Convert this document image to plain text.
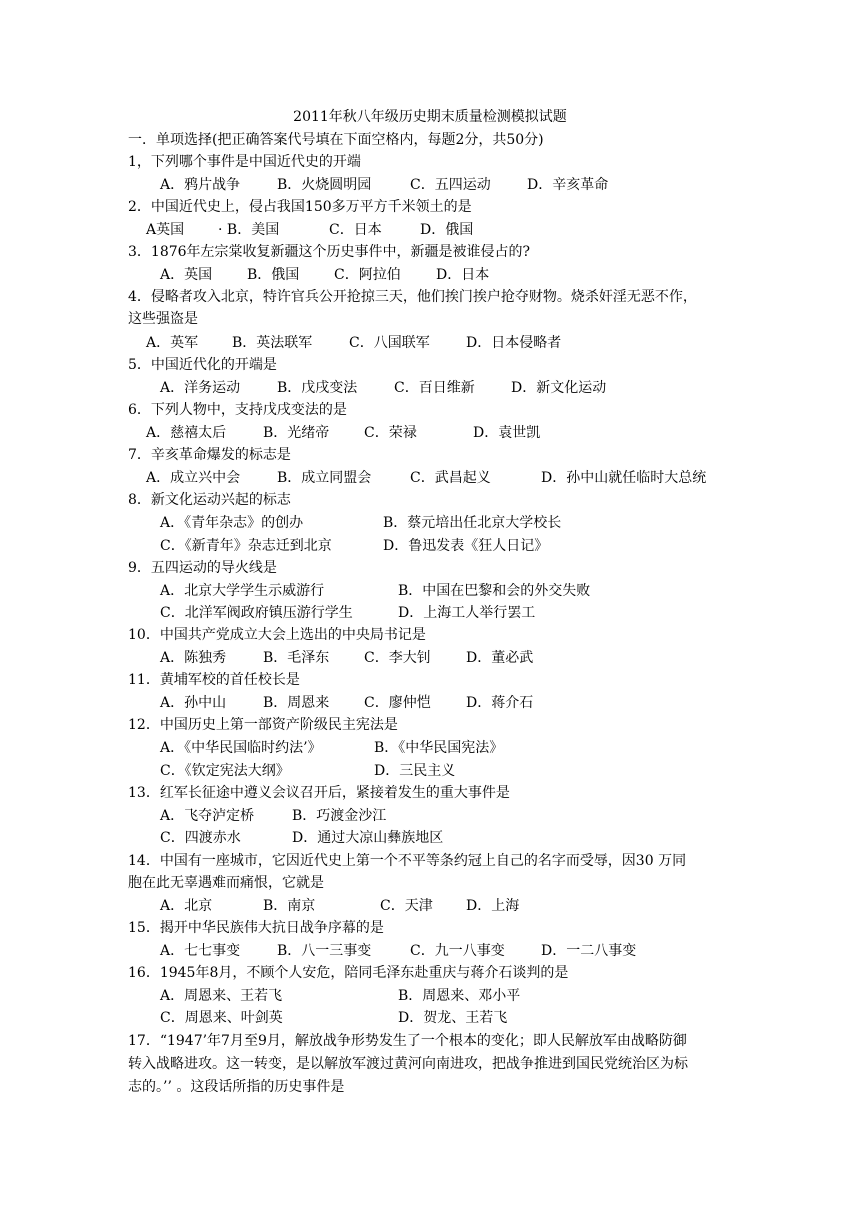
2011年秋八年级历史期末质量检测模拟试题
一．单项选择(把正确答案代号填在下面空格内，每题2分，共50分)
1，下列哪个事件是中国近代史的开端
A．鸦片战争	B．火烧圆明园	C．五四运动	D．辛亥革命
2．中国近代史上，侵占我国150多万平方千米领土的是
A英国 · B．美国	C．日本	D．俄国
3．1876年左宗棠收复新疆这个历史事件中，新疆是被谁侵占的?
A．英国 B．俄国 C．阿拉伯	D．日本
4．侵略者攻入北京，特许官兵公开抢掠三天，他们挨门挨户抢夺财物。烧杀奸淫无恶不作，
这些强盗是
A．英军 B．英法联军	C．八国联军	D．日本侵略者
5．中国近代化的开端是
A．洋务运动	B．戊戌变法	C．百日维新	D．新文化运动
6．下列人物中，支持戊戌变法的是
A．慈禧太后	B．光绪帝 C．荣禄	D．袁世凯
7．辛亥革命爆发的标志是
A．成立兴中会	B．成立同盟会	C．武昌起义	D．孙中山就任临时大总统
8．新文化运动兴起的标志
A．《青年杂志》的创办	B．蔡元培出任北京大学校长
C．《新青年》杂志迁到北京	D．鲁迅发表《狂人日记》
9．五四运动的导火线是
A．北京大学学生示威游行	B．中国在巴黎和会的外交失败
C．北洋军阀政府镇压游行学生	D．上海工人举行罢工
10．中国共产党成立大会上选出的中央局书记是
A．陈独秀	B．毛泽东 C．李大钊	D．董必武
11．黄埔军校的首任校长是
A．孙中山	B．周恩来 C．廖仲恺	D．蒋介石
12．中国历史上第一部资产阶级民主宪法是
A．《中华民国临时约法’》	B．《中华民国宪法》
C．《钦定宪法大纲》	D．三民主义
13．红军长征途中遵义会议召开后，紧接着发生的重大事件是
A．飞夺泸定桥	B．巧渡金沙江
C．四渡赤水	D．通过大凉山彝族地区
14．中国有一座城市，它因近代史上第一个不平等条约冠上自己的名字而受辱，因30 万同
胞在此无辜遇难而痛恨，它就是
A．北京	B．南京	C．天津 D．上海
15．揭开中华民族伟大抗日战争序幕的是
A．七七事变	B．八一三事变	C．九一八事变	D．一二八事变
16．1945年8月，不顾个人安危，陪同毛泽东赴重庆与蒋介石谈判的是
A．周恩来、王若飞	B．周恩来、邓小平
C．周恩来、叶剑英	D．贺龙、王若飞
17．“1947’年7月至9月，解放战争形势发生了一个根本的变化；即人民解放军由战略防御
转入战略进攻。这一转变，是以解放军渡过黄河向南进攻，把战争推进到国民党统治区为标
志的。’’ 。这段话所指的历史事件是
